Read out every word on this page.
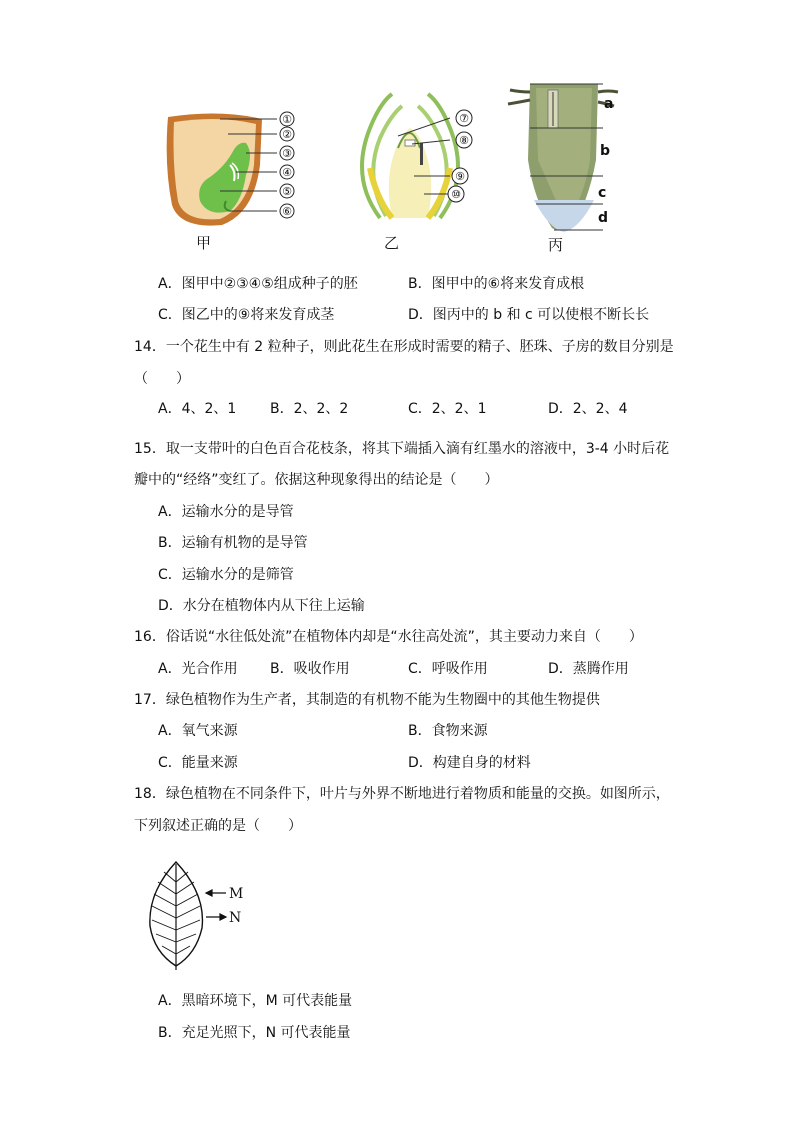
①
②
③
④
⑤
⑥
甲
⑦
⑧
⑨
⑩
乙
a
b
c
d
丙
A．图甲中②③④⑤组成种子的胚	B．图甲中的⑥将来发育成根
C．图乙中的⑨将来发育成茎	D．图丙中的 b 和 c 可以使根不断长长
14．一个花生中有 2 粒种子，则此花生在形成时需要的精子、胚珠、子房的数目分别是
（　　）
A．4、2、1 B．2、2、2	C．2、2、1	D．2、2、4
15．取一支带叶的白色百合花枝条，将其下端插入滴有红墨水的溶液中，3-4 小时后花
瓣中的“经络”变红了。依据这种现象得出的结论是（　　）
A．运输水分的是导管
B．运输有机物的是导管
C．运输水分的是筛管
D．水分在植物体内从下往上运输
16．俗话说“水往低处流”在植物体内却是“水往高处流”，其主要动力来自（　　）
A．光合作用 B．吸收作用	C．呼吸作用	D．蒸腾作用
17．绿色植物作为生产者，其制造的有机物不能为生物圈中的其他生物提供
A．氧气来源	B．食物来源
C．能量来源	D．构建自身的材料
18．绿色植物在不同条件下，叶片与外界不断地进行着物质和能量的交换。如图所示，
下列叙述正确的是（　　）
M
N
A．黑暗环境下，M 可代表能量
B．充足光照下，N 可代表能量
